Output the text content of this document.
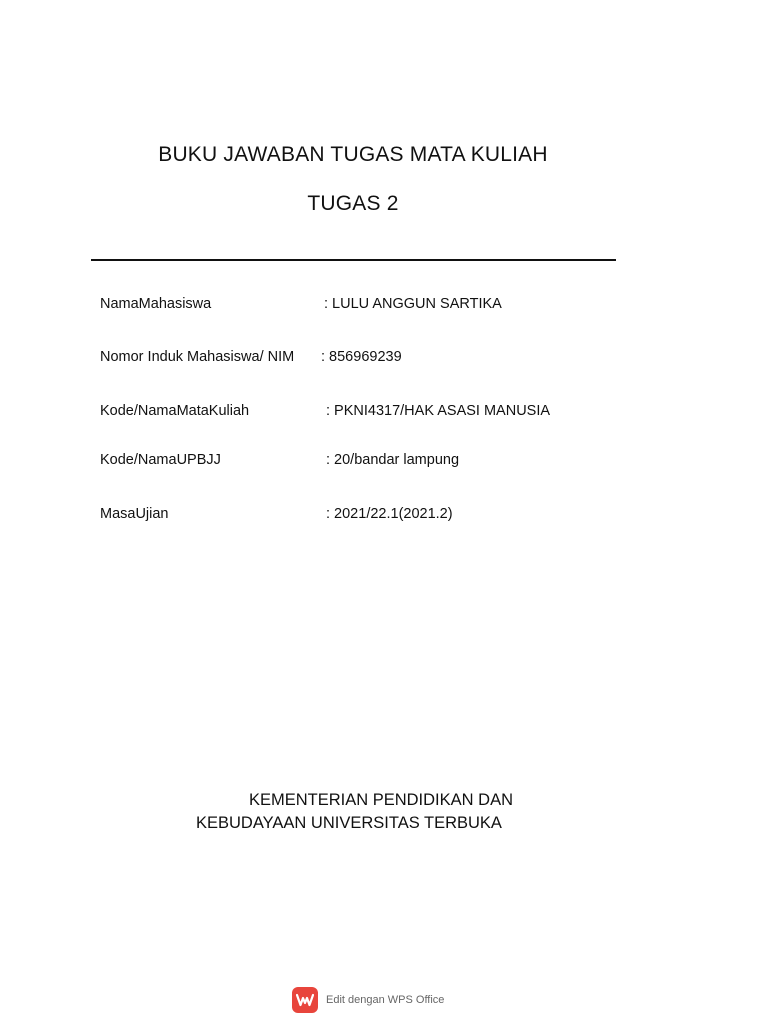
BUKU JAWABAN TUGAS MATA KULIAH
TUGAS 2
NamaMahasiswa	: LULU ANGGUN SARTIKA
Nomor Induk Mahasiswa/ NIM : 856969239
Kode/NamaMataKuliah	: PKNI4317/HAK ASASI MANUSIA
Kode/NamaUPBJJ	: 20/bandar lampung
MasaUjian	: 2021/22.1(2021.2)
KEMENTERIAN PENDIDIKAN DAN
KEBUDAYAAN UNIVERSITAS TERBUKA
Edit dengan WPS Office
